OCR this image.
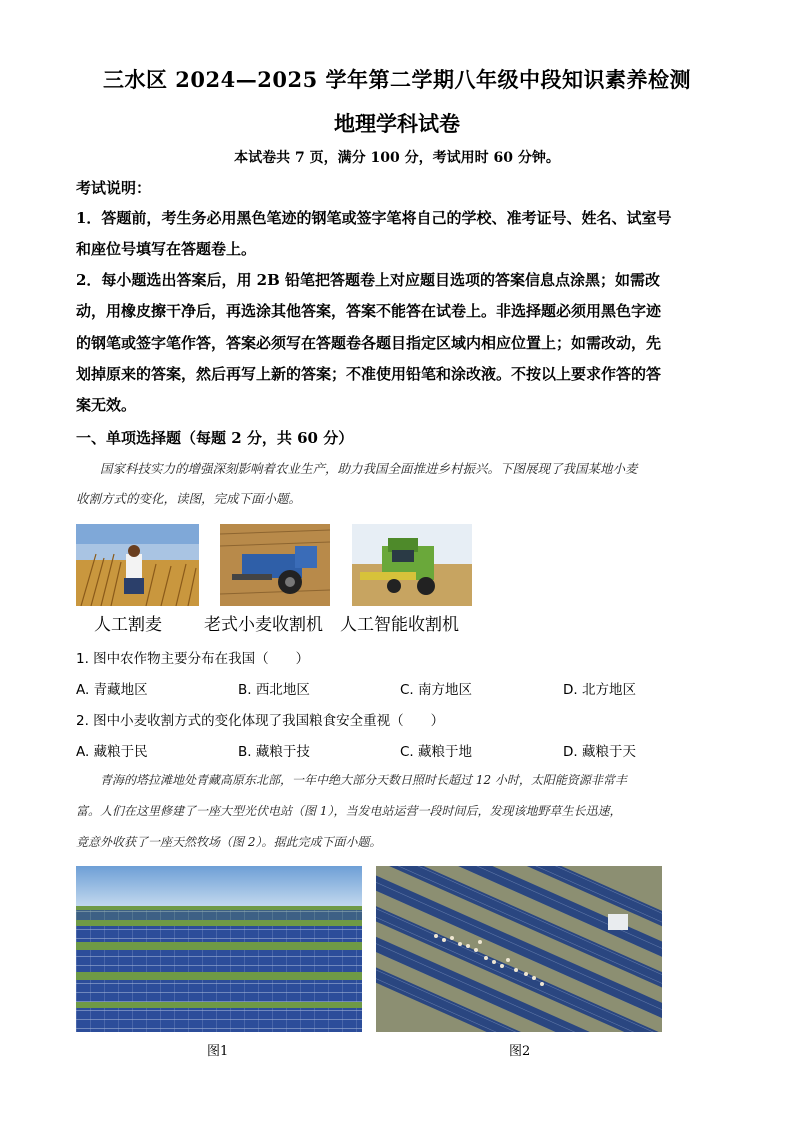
三水区 2024—2025 学年第二学期八年级中段知识素养检测
地理学科试卷
本试卷共 7 页，满分 100 分，考试用时 60 分钟。
考试说明：
1．答题前，考生务必用黑色笔迹的钢笔或签字笔将自己的学校、准考证号、姓名、试室号
和座位号填写在答题卷上。
2．每小题选出答案后，用 2B 铅笔把答题卷上对应题目选项的答案信息点涂黑；如需改
动，用橡皮擦干净后，再选涂其他答案，答案不能答在试卷上。非选择题必须用黑色字迹
的钢笔或签字笔作答，答案必须写在答题卷各题目指定区域内相应位置上；如需改动，先
划掉原来的答案，然后再写上新的答案；不准使用铅笔和涂改液。不按以上要求作答的答
案无效。
一、单项选择题（每题 2 分，共 60 分）
国家科技实力的增强深刻影响着农业生产，助力我国全面推进乡村振兴。下图展现了我国某地小麦
收割方式的变化，读图，完成下面小题。
人工割麦 老式小麦收割机 人工智能收割机
1. 图中农作物主要分布在我国（　　）
A. 青藏地区	B. 西北地区	C. 南方地区	D. 北方地区
2. 图中小麦收割方式的变化体现了我国粮食安全重视（　　）
A. 藏粮于民	B. 藏粮于技	C. 藏粮于地	D. 藏粮于天
青海的塔拉滩地处青藏高原东北部，一年中绝大部分天数日照时长超过 12 小时，太阳能资源非常丰
富。人们在这里修建了一座大型光伏电站（图 1），当发电站运营一段时间后，发现该地野草生长迅速，
竟意外收获了一座天然牧场（图 2）。据此完成下面小题。
图1	图2
